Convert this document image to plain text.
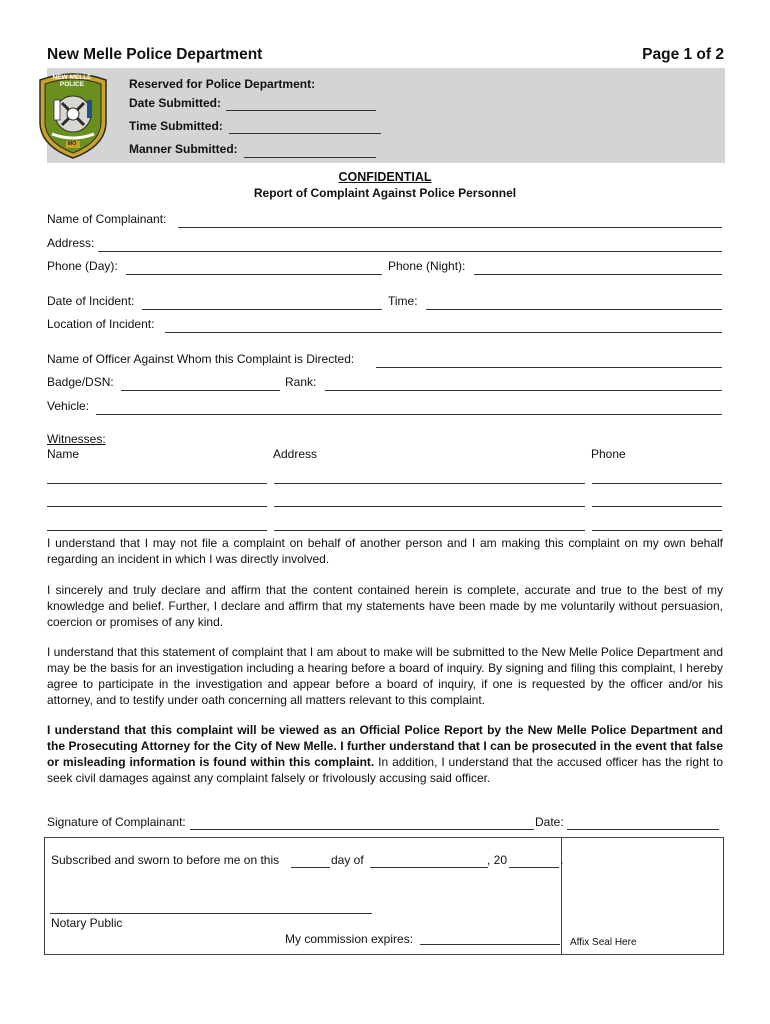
New Melle Police Department	Page 1 of 2
NEW MELLE POLICE
MO
Reserved for Police Department:
Date Submitted:
Time Submitted:
Manner Submitted:
CONFIDENTIAL
Report of Complaint Against Police Personnel
Name of Complainant:
Address:
Phone (Day):	Phone (Night):
Date of Incident:	Time:
Location of Incident:
Name of Officer Against Whom this Complaint is Directed:
Badge/DSN:	Rank:
Vehicle:
Witnesses:
Name	Address	Phone

I understand that I may not file a complaint on behalf of another person and I am making this complaint on my own behalf regarding an incident in which I was directly involved.

I sincerely and truly declare and affirm that the content contained herein is complete, accurate and true to the best of my knowledge and belief. Further, I declare and affirm that my statements have been made by me voluntarily without persuasion, coercion or promises of any kind.

I understand that this statement of complaint that I am about to make will be submitted to the New Melle Police Department and may be the basis for an investigation including a hearing before a board of inquiry. By signing and filing this complaint, I hereby agree to participate in the investigation and appear before a board of inquiry, if one is requested by the officer and/or his attorney, and to testify under oath concerning all matters relevant to this complaint.

I understand that this complaint will be viewed as an Official Police Report by the New Melle Police Department and the Prosecuting Attorney for the City of New Melle. I further understand that I can be prosecuted in the event that false or misleading information is found within this complaint. In addition, I understand that the accused officer has the right to seek civil damages against any complaint falsely or frivolously accusing said officer.

Signature of Complainant:	Date:
Subscribed and sworn to before me on this	day of	, 20	.
Notary Public
My commission expires:	Affix Seal Here
